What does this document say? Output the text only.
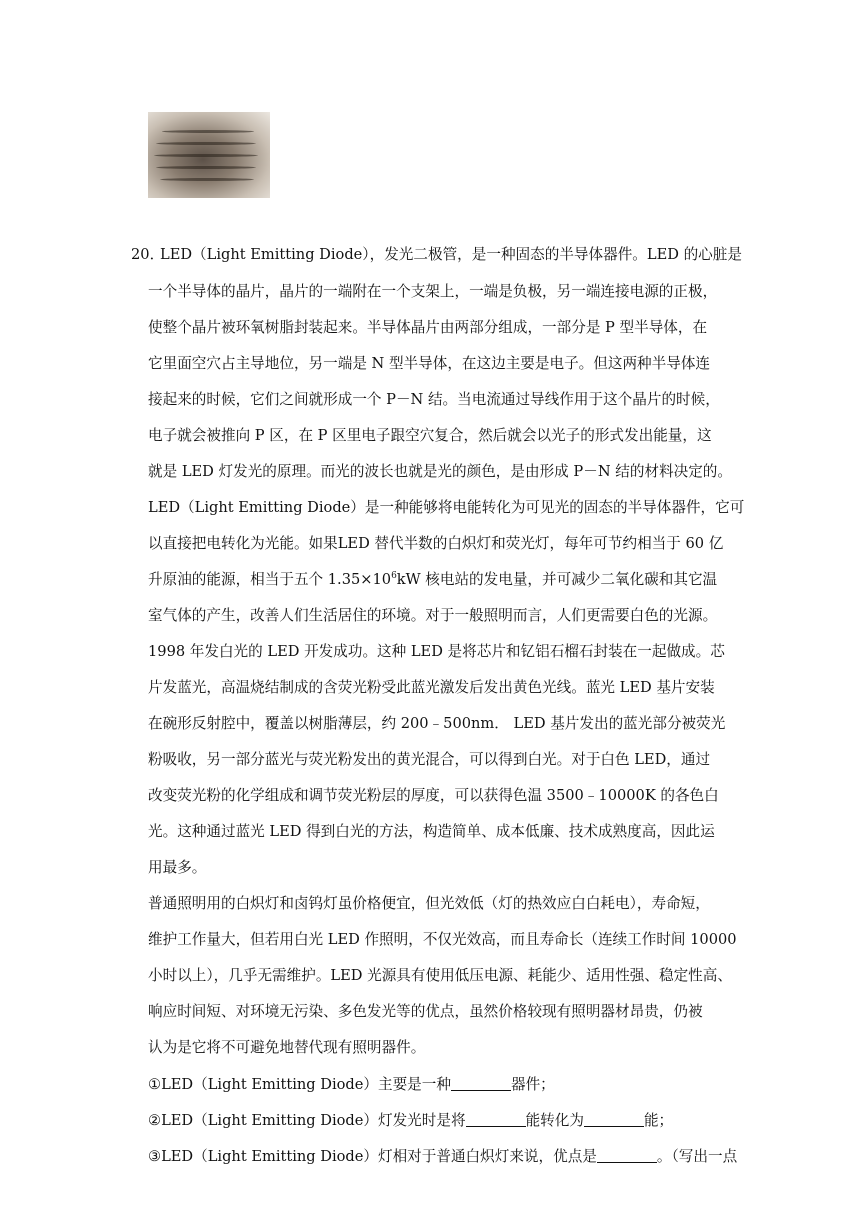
20．
LED（Light Emitting Diode），发光二极管，是一种固态的半导体器件。LED 的心脏是
一个半导体的晶片，晶片的一端附在一个支架上，一端是负极，另一端连接电源的正极，
使整个晶片被环氧树脂封装起来。半导体晶片由两部分组成，一部分是 P 型半导体，在
它里面空穴占主导地位，另一端是 N 型半导体，在这边主要是电子。但这两种半导体连
接起来的时候，它们之间就形成一个 P－N 结。当电流通过导线作用于这个晶片的时候，
电子就会被推向 P 区，在 P 区里电子跟空穴复合，然后就会以光子的形式发出能量，这
就是 LED 灯发光的原理。而光的波长也就是光的颜色，是由形成 P－N 结的材料决定的。
LED（Light Emitting Diode）是一种能够将电能转化为可见光的固态的半导体器件，它可
以直接把电转化为光能。如果LED 替代半数的白炽灯和荧光灯，每年可节约相当于 60 亿
升原油的能源，相当于五个 $1.35\times 10^6kW$ 核电站的发电量，并可减少二氧化碳和其它温
室气体的产生，改善人们生活居住的环境。对于一般照明而言，人们更需要白色的光源。
1998 年发白光的 LED 开发成功。这种 LED 是将芯片和钇铝石榴石封装在一起做成。芯
片发蓝光，高温烧结制成的含荧光粉受此蓝光激发后发出黄色光线。蓝光 LED 基片安装
在碗形反射腔中，覆盖以树脂薄层，约 200﹣500nm． LED 基片发出的蓝光部分被荧光
粉吸收，另一部分蓝光与荧光粉发出的黄光混合，可以得到白光。对于白色 LED，通过
改变荧光粉的化学组成和调节荧光粉层的厚度，可以获得色温 3500﹣10000K 的各色白
光。这种通过蓝光 LED 得到白光的方法，构造简单、成本低廉、技术成熟度高，因此运
用最多。
普通照明用的白炽灯和卤钨灯虽价格便宜，但光效低（灯的热效应白白耗电），寿命短，
维护工作量大，但若用白光 LED 作照明，不仅光效高，而且寿命长（连续工作时间 10000
小时以上），几乎无需维护。LED 光源具有使用低压电源、耗能少、适用性强、稳定性高、
响应时间短、对环境无污染、多色发光等的优点，虽然价格较现有照明器材昂贵，仍被
认为是它将不可避免地替代现有照明器件。
①LED（Light Emitting Diode）主要是一种	器件；
②LED（Light Emitting Diode）灯发光时是将	能转化为	能；
③LED（Light Emitting Diode）灯相对于普通白炽灯来说，优点是	。（写出一点
